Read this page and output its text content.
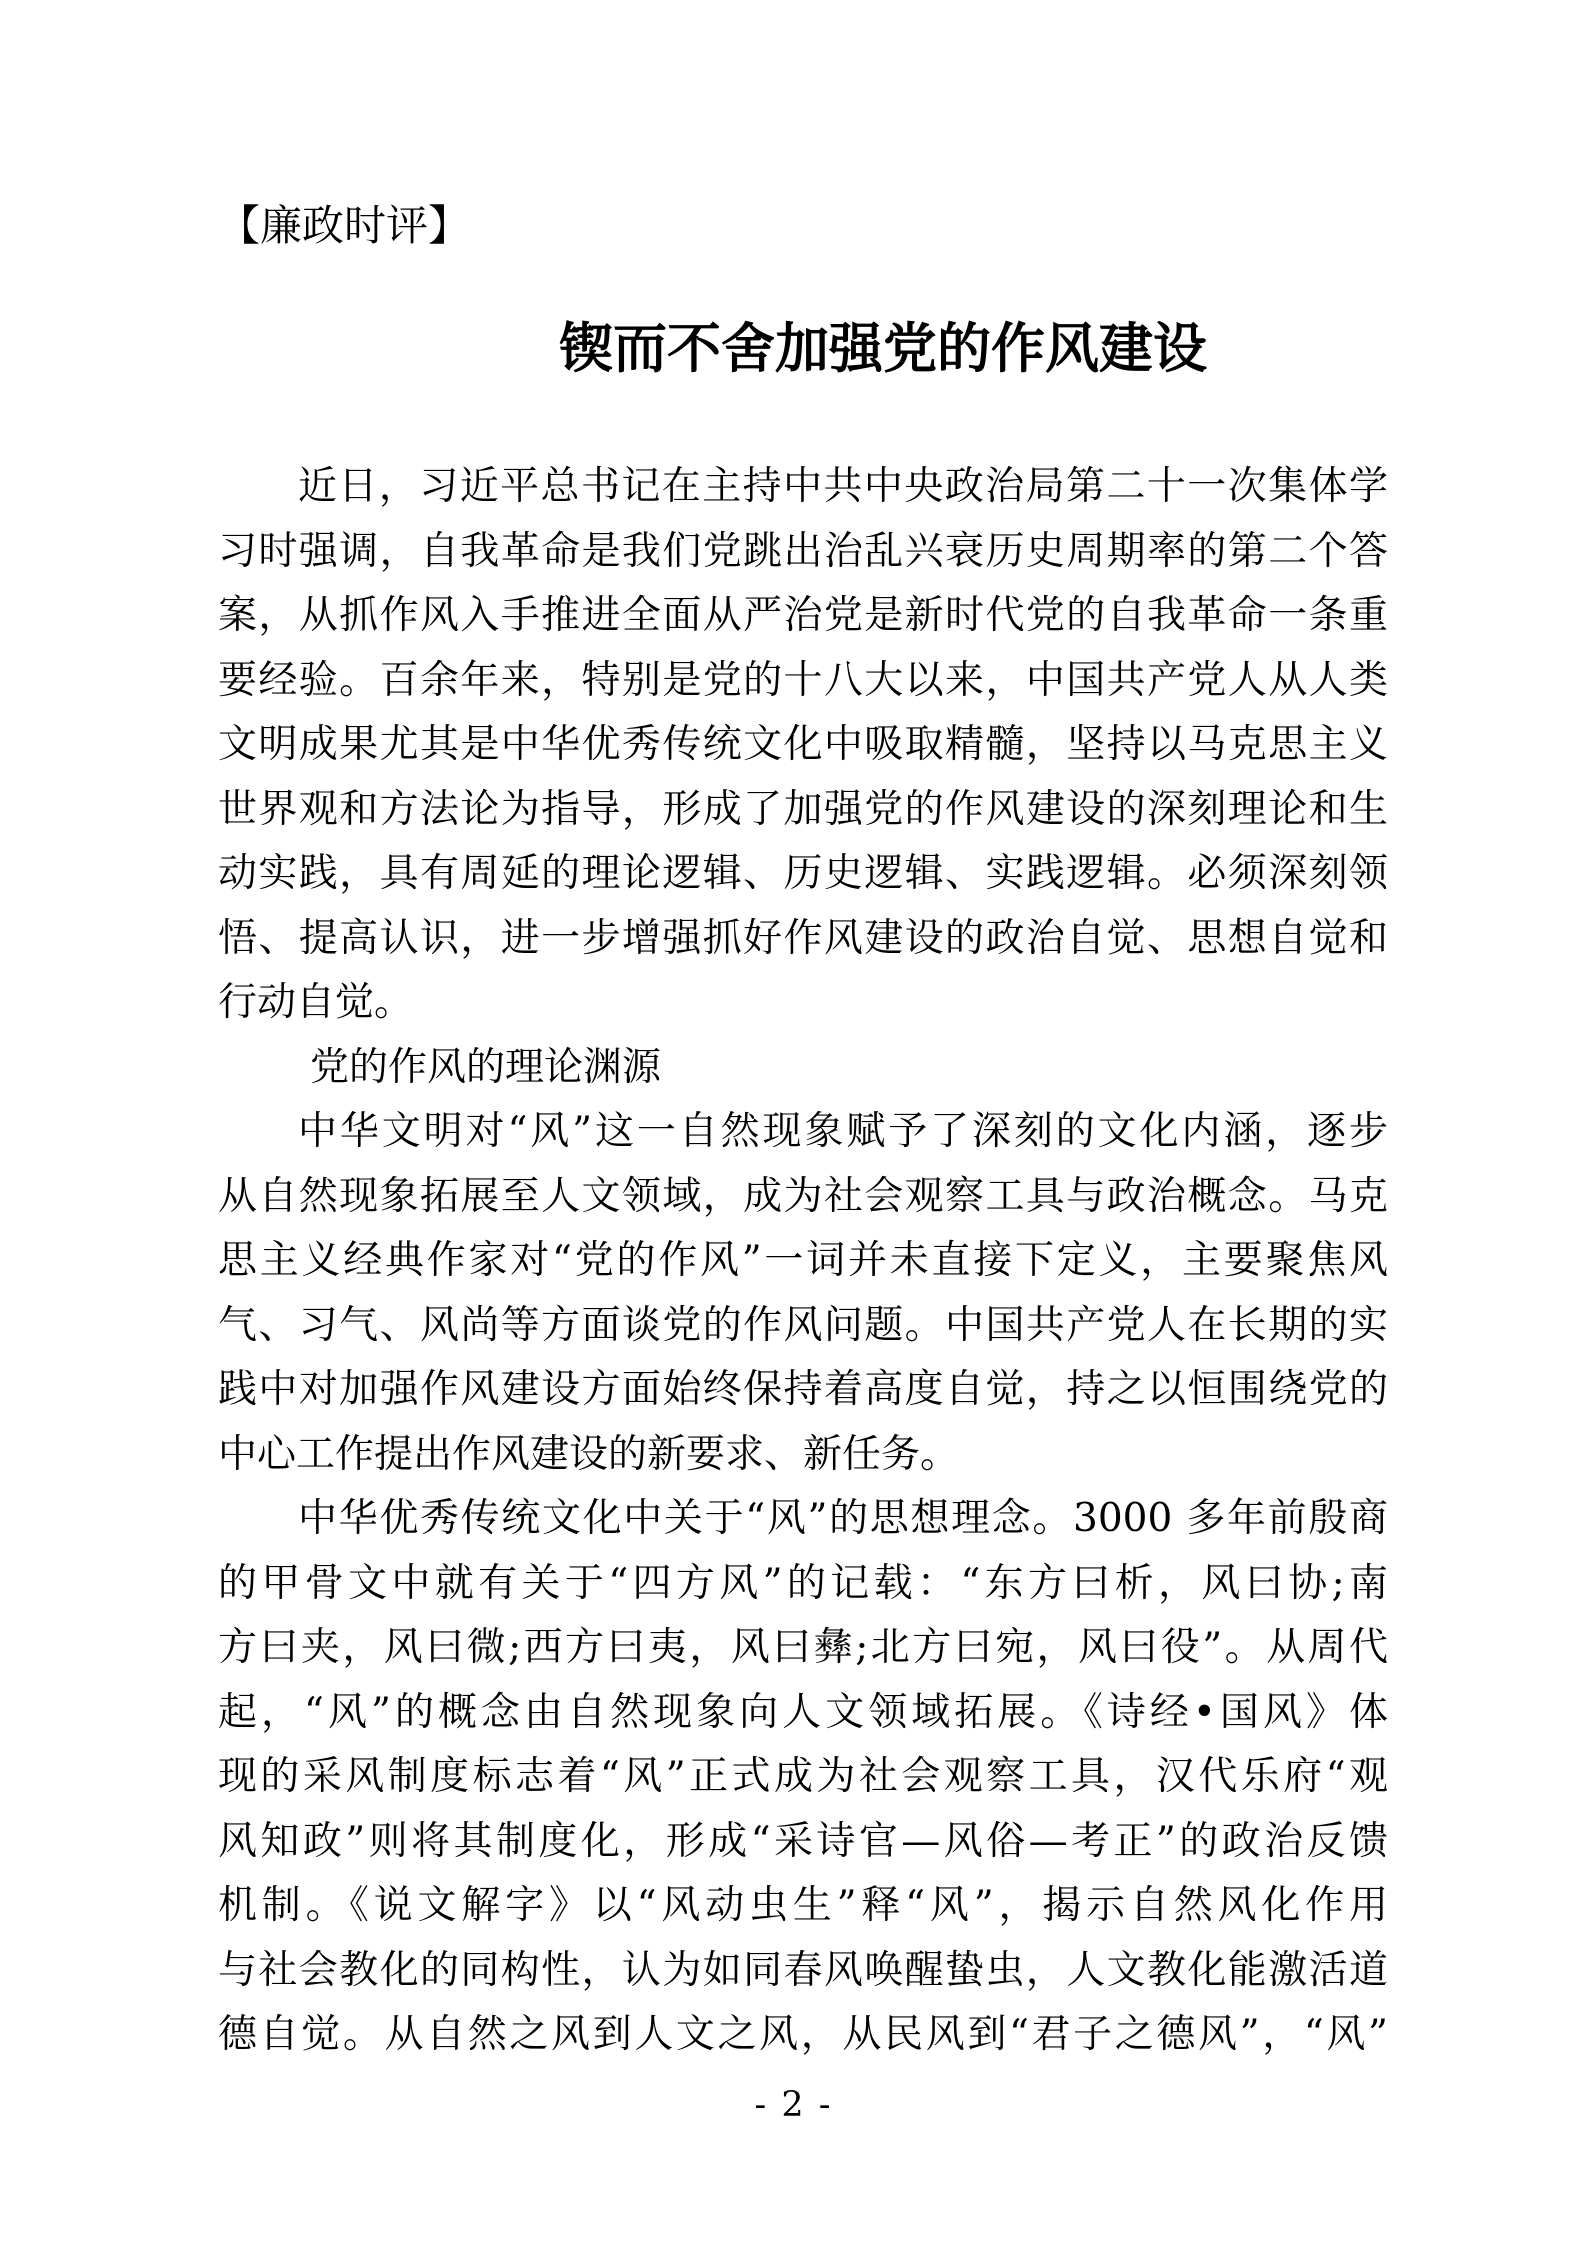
【廉政时评】
锲而不舍加强党的作风建设
近日，习近平总书记在主持中共中央政治局第二十一次集体学
习时强调，自我革命是我们党跳出治乱兴衰历史周期率的第二个答
案，从抓作风入手推进全面从严治党是新时代党的自我革命一条重
要经验。百余年来，特别是党的十八大以来，中国共产党人从人类
文明成果尤其是中华优秀传统文化中吸取精髓，坚持以马克思主义
世界观和方法论为指导，形成了加强党的作风建设的深刻理论和生
动实践，具有周延的理论逻辑、历史逻辑、实践逻辑。必须深刻领
悟、提高认识，进一步增强抓好作风建设的政治自觉、思想自觉和
行动自觉。
党的作风的理论渊源
中华文明对“风”这一自然现象赋予了深刻的文化内涵，逐步
从自然现象拓展至人文领域，成为社会观察工具与政治概念。马克
思主义经典作家对“党的作风”一词并未直接下定义，主要聚焦风
气、习气、风尚等方面谈党的作风问题。中国共产党人在长期的实
践中对加强作风建设方面始终保持着高度自觉，持之以恒围绕党的
中心工作提出作风建设的新要求、新任务。
中华优秀传统文化中关于“风”的思想理念。3000 多年前殷商
的甲骨文中就有关于“四方风”的记载：“东方曰析，风曰协;南
方曰夹，风曰微;西方曰夷，风曰彝;北方曰宛，风曰役”。从周代
起，“风”的概念由自然现象向人文领域拓展。《诗经•国风》体
现的采风制度标志着“风”正式成为社会观察工具，汉代乐府“观
风知政”则将其制度化，形成“采诗官—风俗—考正”的政治反馈
机制。《说文解字》以“风动虫生”释“风”，揭示自然风化作用
与社会教化的同构性，认为如同春风唤醒蛰虫，人文教化能激活道
德自觉。从自然之风到人文之风，从民风到“君子之德风”，“风”
- 2 -
